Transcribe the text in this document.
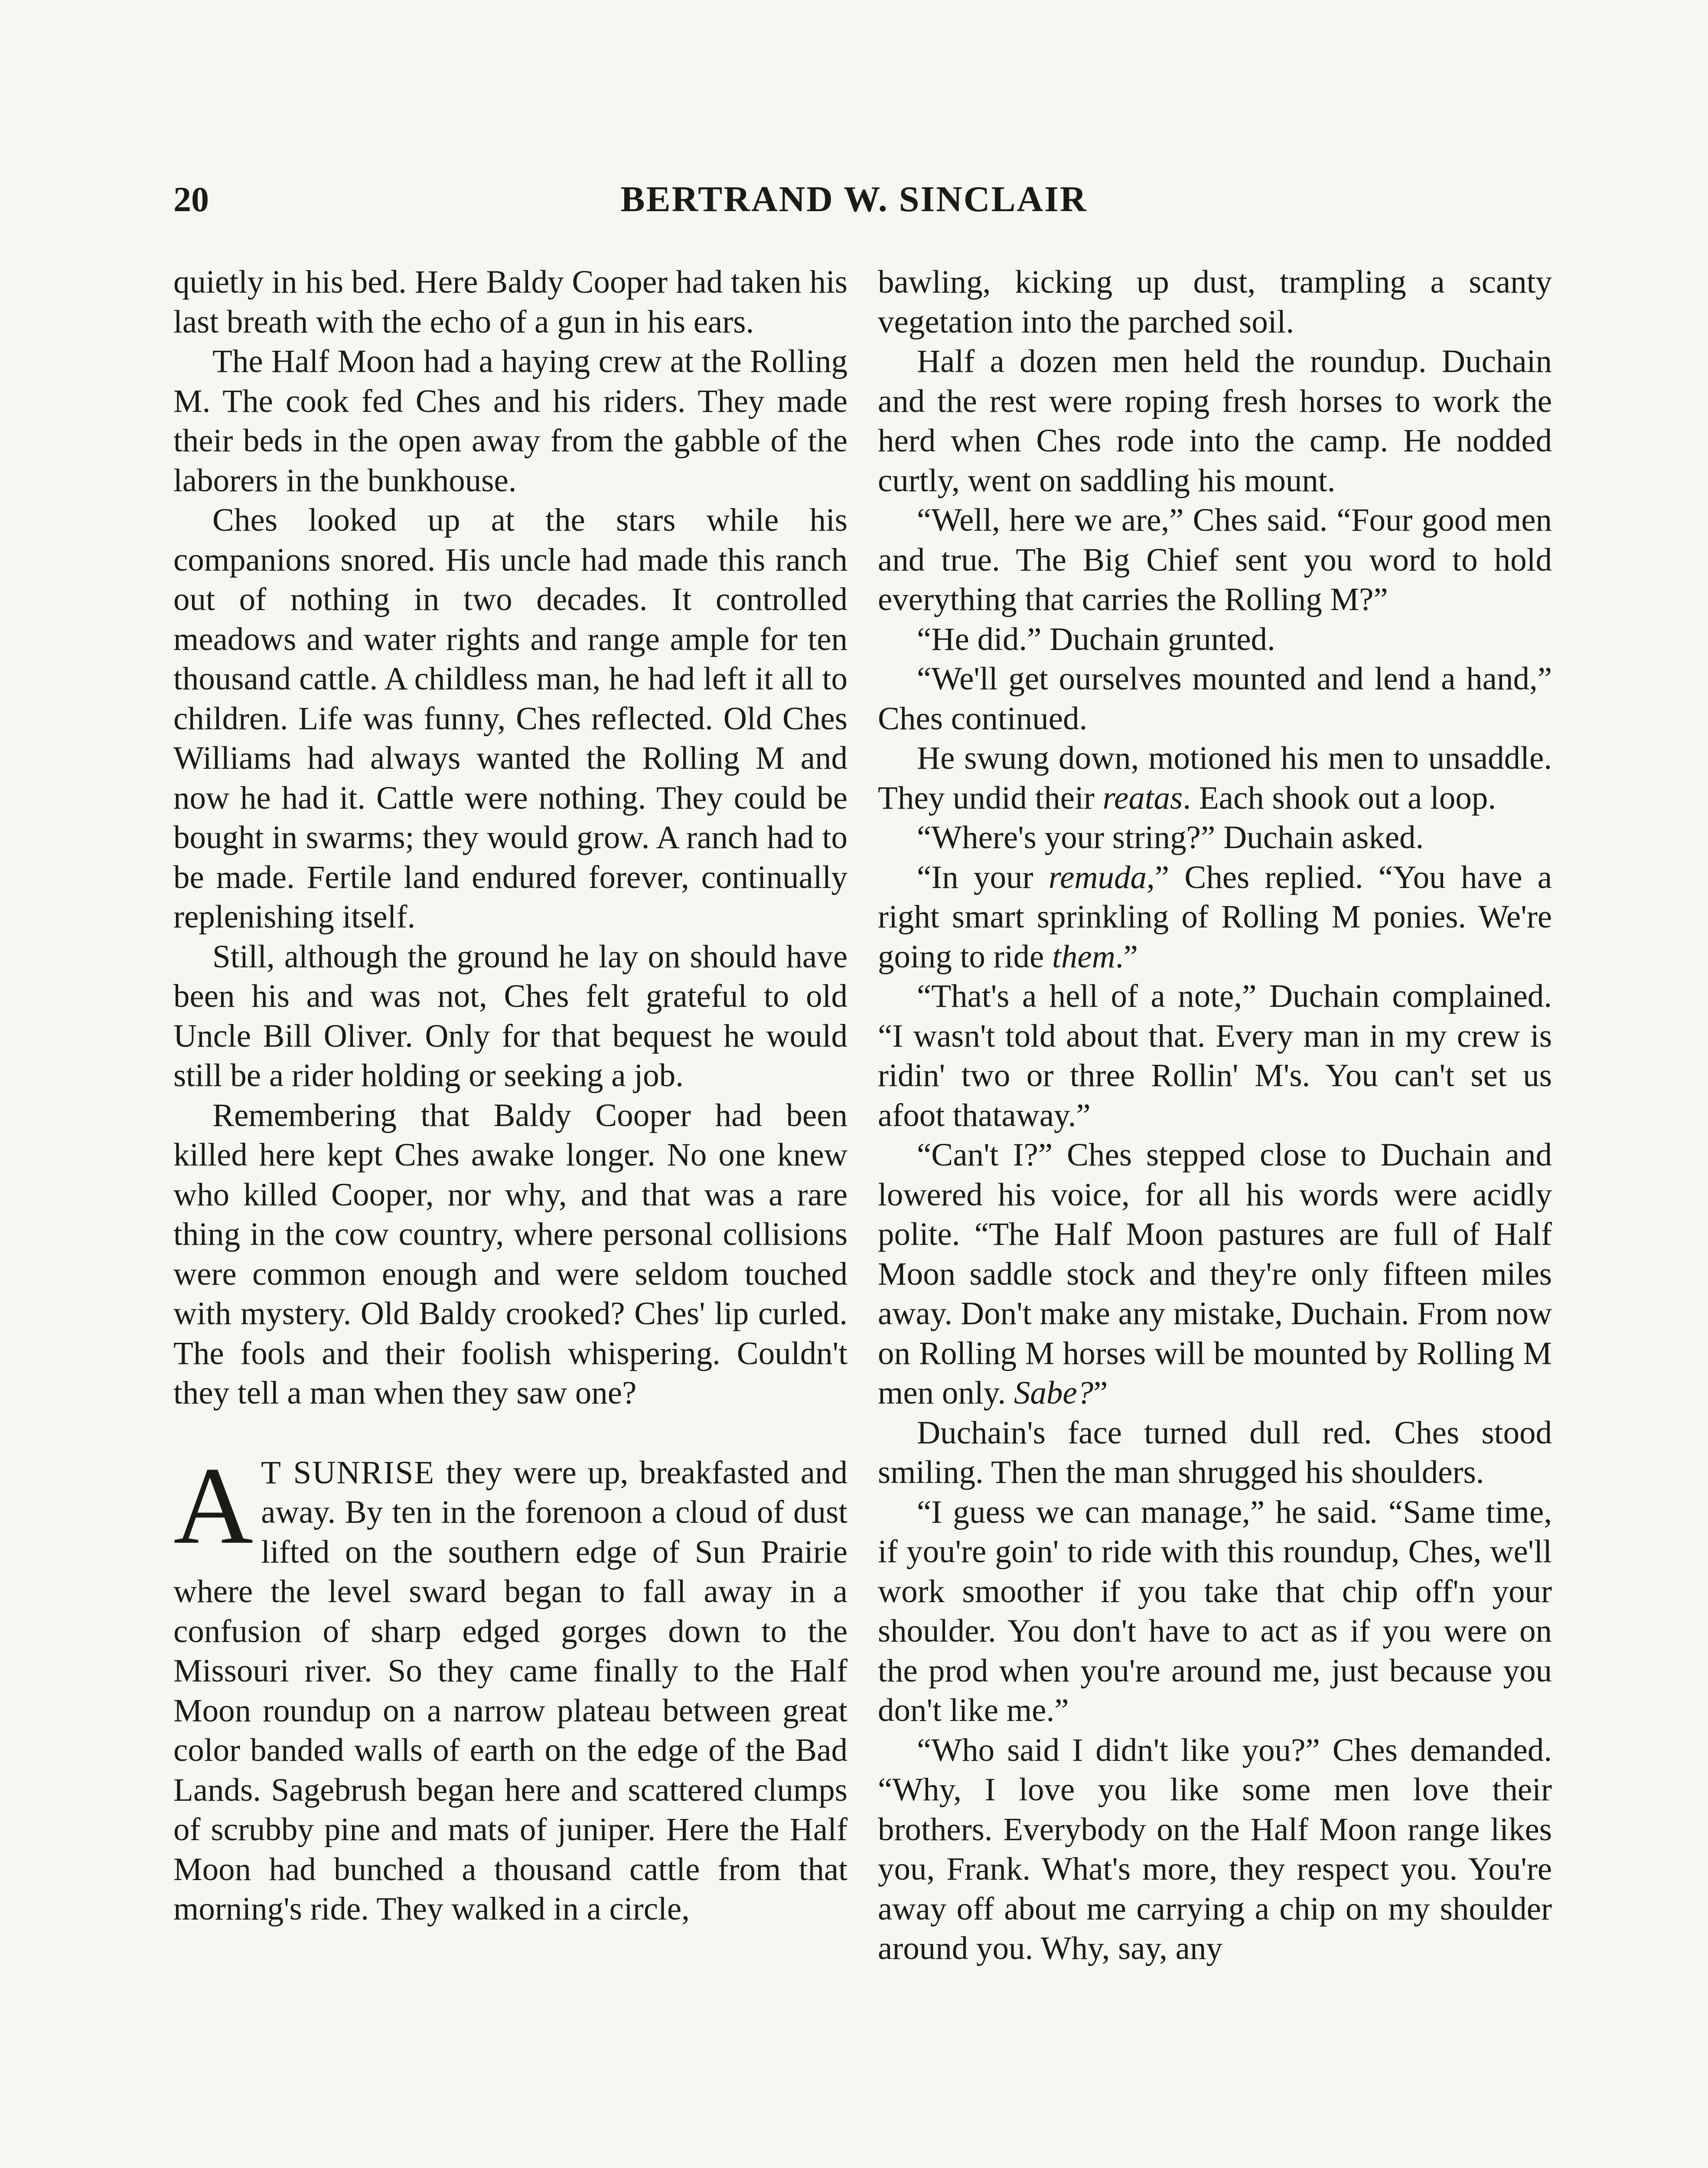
20	BERTRAND W. SINCLAIR

quietly in his bed. Here Baldy Cooper had taken his last breath with the echo of a gun in his ears.

The Half Moon had a haying crew at the Rolling M. The cook fed Ches and his riders. They made their beds in the open away from the gabble of the laborers in the bunkhouse.

Ches looked up at the stars while his companions snored. His uncle had made this ranch out of nothing in two decades. It controlled meadows and water rights and range ample for ten thousand cattle. A childless man, he had left it all to children. Life was funny, Ches reflected. Old Ches Williams had always wanted the Rolling M and now he had it. Cattle were nothing. They could be bought in swarms; they would grow. A ranch had to be made. Fertile land endured forever, continually replenishing itself.

Still, although the ground he lay on should have been his and was not, Ches felt grateful to old Uncle Bill Oliver. Only for that bequest he would still be a rider holding or seeking a job.

Remembering that Baldy Cooper had been killed here kept Ches awake longer. No one knew who killed Cooper, nor why, and that was a rare thing in the cow country, where personal collisions were common enough and were seldom touched with mystery. Old Baldy crooked? Ches' lip curled. The fools and their foolish whispering. Couldn't they tell a man when they saw one?

A T SUNRISE they were up, breakfasted and away. By ten in the forenoon a cloud of dust lifted on the southern edge of Sun Prairie where the level sward began to fall away in a confusion of sharp edged gorges down to the Missouri river. So they came finally to the Half Moon roundup on a narrow plateau between great color banded walls of earth on the edge of the Bad Lands. Sagebrush began here and scattered clumps of scrubby pine and mats of juniper. Here the Half Moon had bunched a thousand cattle from that morning's ride. They walked in a circle,

bawling, kicking up dust, trampling a scanty vegetation into the parched soil.

Half a dozen men held the roundup. Duchain and the rest were roping fresh horses to work the herd when Ches rode into the camp. He nodded curtly, went on saddling his mount.

“Well, here we are,” Ches said. “Four good men and true. The Big Chief sent you word to hold everything that carries the Rolling M?”

“He did.” Duchain grunted.

“We'll get ourselves mounted and lend a hand,” Ches continued.

He swung down, motioned his men to unsaddle. They undid their reatas. Each shook out a loop.

“Where's your string?” Duchain asked.

“In your remuda,” Ches replied. “You have a right smart sprinkling of Rolling M ponies. We're going to ride them.”

“That's a hell of a note,” Duchain complained. “I wasn't told about that. Every man in my crew is ridin' two or three Rollin' M's. You can't set us afoot thataway.”

“Can't I?” Ches stepped close to Duchain and lowered his voice, for all his words were acidly polite. “The Half Moon pastures are full of Half Moon saddle stock and they're only fifteen miles away. Don't make any mistake, Duchain. From now on Rolling M horses will be mounted by Rolling M men only. Sabe?”

Duchain's face turned dull red. Ches stood smiling. Then the man shrugged his shoulders.

“I guess we can manage,” he said. “Same time, if you're goin' to ride with this roundup, Ches, we'll work smoother if you take that chip off'n your shoulder. You don't have to act as if you were on the prod when you're around me, just because you don't like me.”

“Who said I didn't like you?” Ches demanded. “Why, I love you like some men love their brothers. Everybody on the Half Moon range likes you, Frank. What's more, they respect you. You're away off about me carrying a chip on my shoulder around you. Why, say, any
